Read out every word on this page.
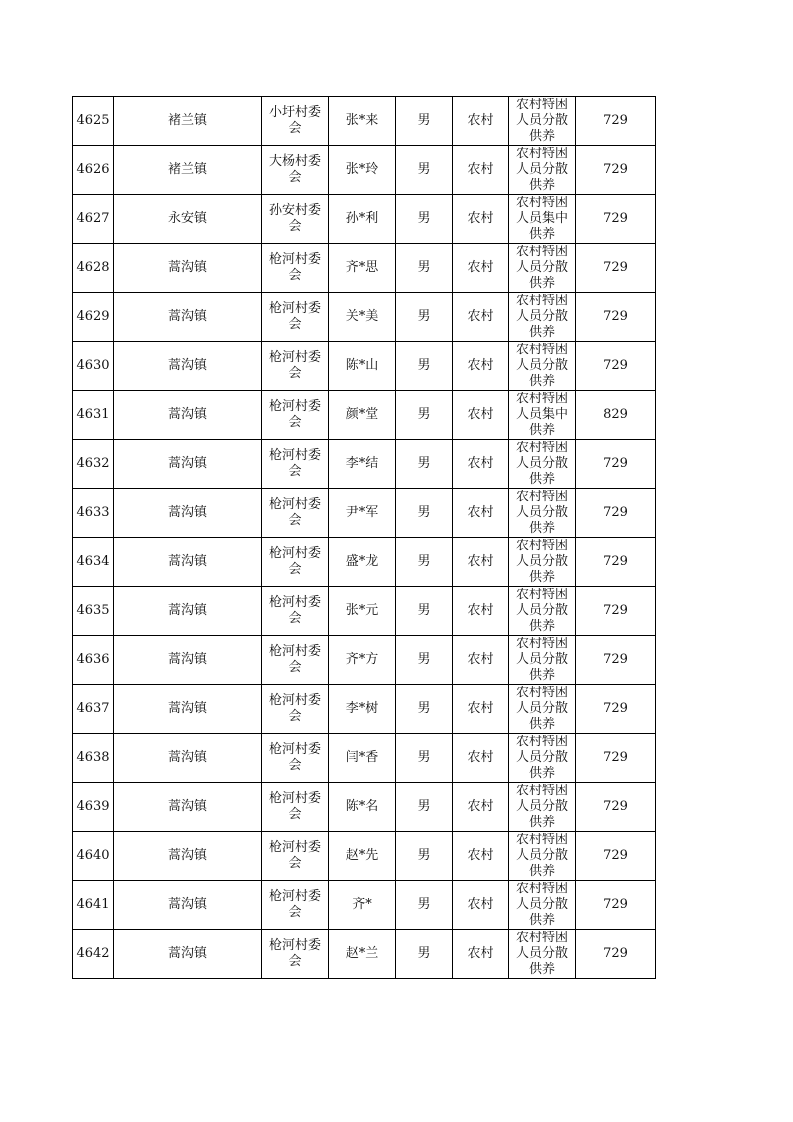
4625	褚兰镇	小圩村委会	张*来	男	农村	农村特困人员分散供养	729
4626	褚兰镇	大杨村委会	张*玲	男	农村	农村特困人员分散供养	729
4627	永安镇	孙安村委会	孙*利	男	农村	农村特困人员集中供养	729
4628	蒿沟镇	枪河村委会	齐*思	男	农村	农村特困人员分散供养	729
4629	蒿沟镇	枪河村委会	关*美	男	农村	农村特困人员分散供养	729
4630	蒿沟镇	枪河村委会	陈*山	男	农村	农村特困人员分散供养	729
4631	蒿沟镇	枪河村委会	颜*堂	男	农村	农村特困人员集中供养	829
4632	蒿沟镇	枪河村委会	李*结	男	农村	农村特困人员分散供养	729
4633	蒿沟镇	枪河村委会	尹*军	男	农村	农村特困人员分散供养	729
4634	蒿沟镇	枪河村委会	盛*龙	男	农村	农村特困人员分散供养	729
4635	蒿沟镇	枪河村委会	张*元	男	农村	农村特困人员分散供养	729
4636	蒿沟镇	枪河村委会	齐*方	男	农村	农村特困人员分散供养	729
4637	蒿沟镇	枪河村委会	李*树	男	农村	农村特困人员分散供养	729
4638	蒿沟镇	枪河村委会	闫*香	男	农村	农村特困人员分散供养	729
4639	蒿沟镇	枪河村委会	陈*名	男	农村	农村特困人员分散供养	729
4640	蒿沟镇	枪河村委会	赵*先	男	农村	农村特困人员分散供养	729
4641	蒿沟镇	枪河村委会	齐*	男	农村	农村特困人员分散供养	729
4642	蒿沟镇	枪河村委会	赵*兰	男	农村	农村特困人员分散供养	729
